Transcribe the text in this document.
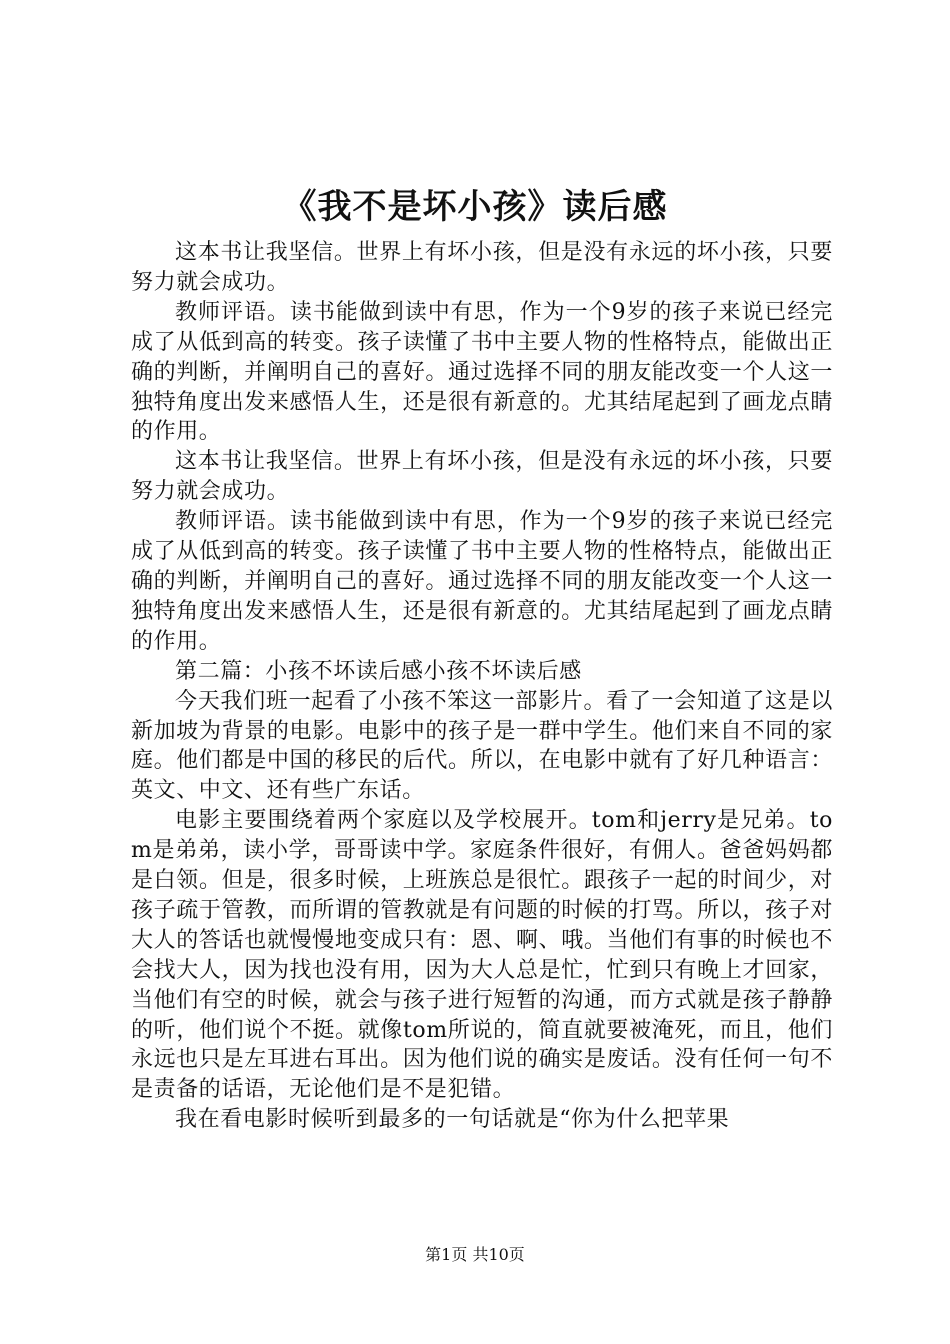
《我不是坏小孩》读后感

这本书让我坚信。世界上有坏小孩，但是没有永远的坏小孩，只要努力就会成功。

教师评语。读书能做到读中有思，作为一个9岁的孩子来说已经完成了从低到高的转变。孩子读懂了书中主要人物的性格特点，能做出正确的判断，并阐明自己的喜好。通过选择不同的朋友能改变一个人这一独特角度出发来感悟人生，还是很有新意的。尤其结尾起到了画龙点睛的作用。

这本书让我坚信。世界上有坏小孩，但是没有永远的坏小孩，只要努力就会成功。

教师评语。读书能做到读中有思，作为一个9岁的孩子来说已经完成了从低到高的转变。孩子读懂了书中主要人物的性格特点，能做出正确的判断，并阐明自己的喜好。通过选择不同的朋友能改变一个人这一独特角度出发来感悟人生，还是很有新意的。尤其结尾起到了画龙点睛的作用。

第二篇：小孩不坏读后感小孩不坏读后感

今天我们班一起看了小孩不笨这一部影片。看了一会知道了这是以新加坡为背景的电影。电影中的孩子是一群中学生。他们来自不同的家庭。他们都是中国的移民的后代。所以，在电影中就有了好几种语言：英文、中文、还有些广东话。

电影主要围绕着两个家庭以及学校展开。tom和jerry是兄弟。tom是弟弟，读小学，哥哥读中学。家庭条件很好，有佣人。爸爸妈妈都是白领。但是，很多时候，上班族总是很忙。跟孩子一起的时间少，对孩子疏于管教，而所谓的管教就是有问题的时候的打骂。所以，孩子对大人的答话也就慢慢地变成只有：恩、啊、哦。当他们有事的时候也不会找大人，因为找也没有用，因为大人总是忙，忙到只有晚上才回家，当他们有空的时候，就会与孩子进行短暂的沟通，而方式就是孩子静静的听，他们说个不挺。就像tom所说的，简直就要被淹死，而且，他们永远也只是左耳进右耳出。因为他们说的确实是废话。没有任何一句不是责备的话语，无论他们是不是犯错。

我在看电影时候听到最多的一句话就是“你为什么把苹果

第1页 共10页
